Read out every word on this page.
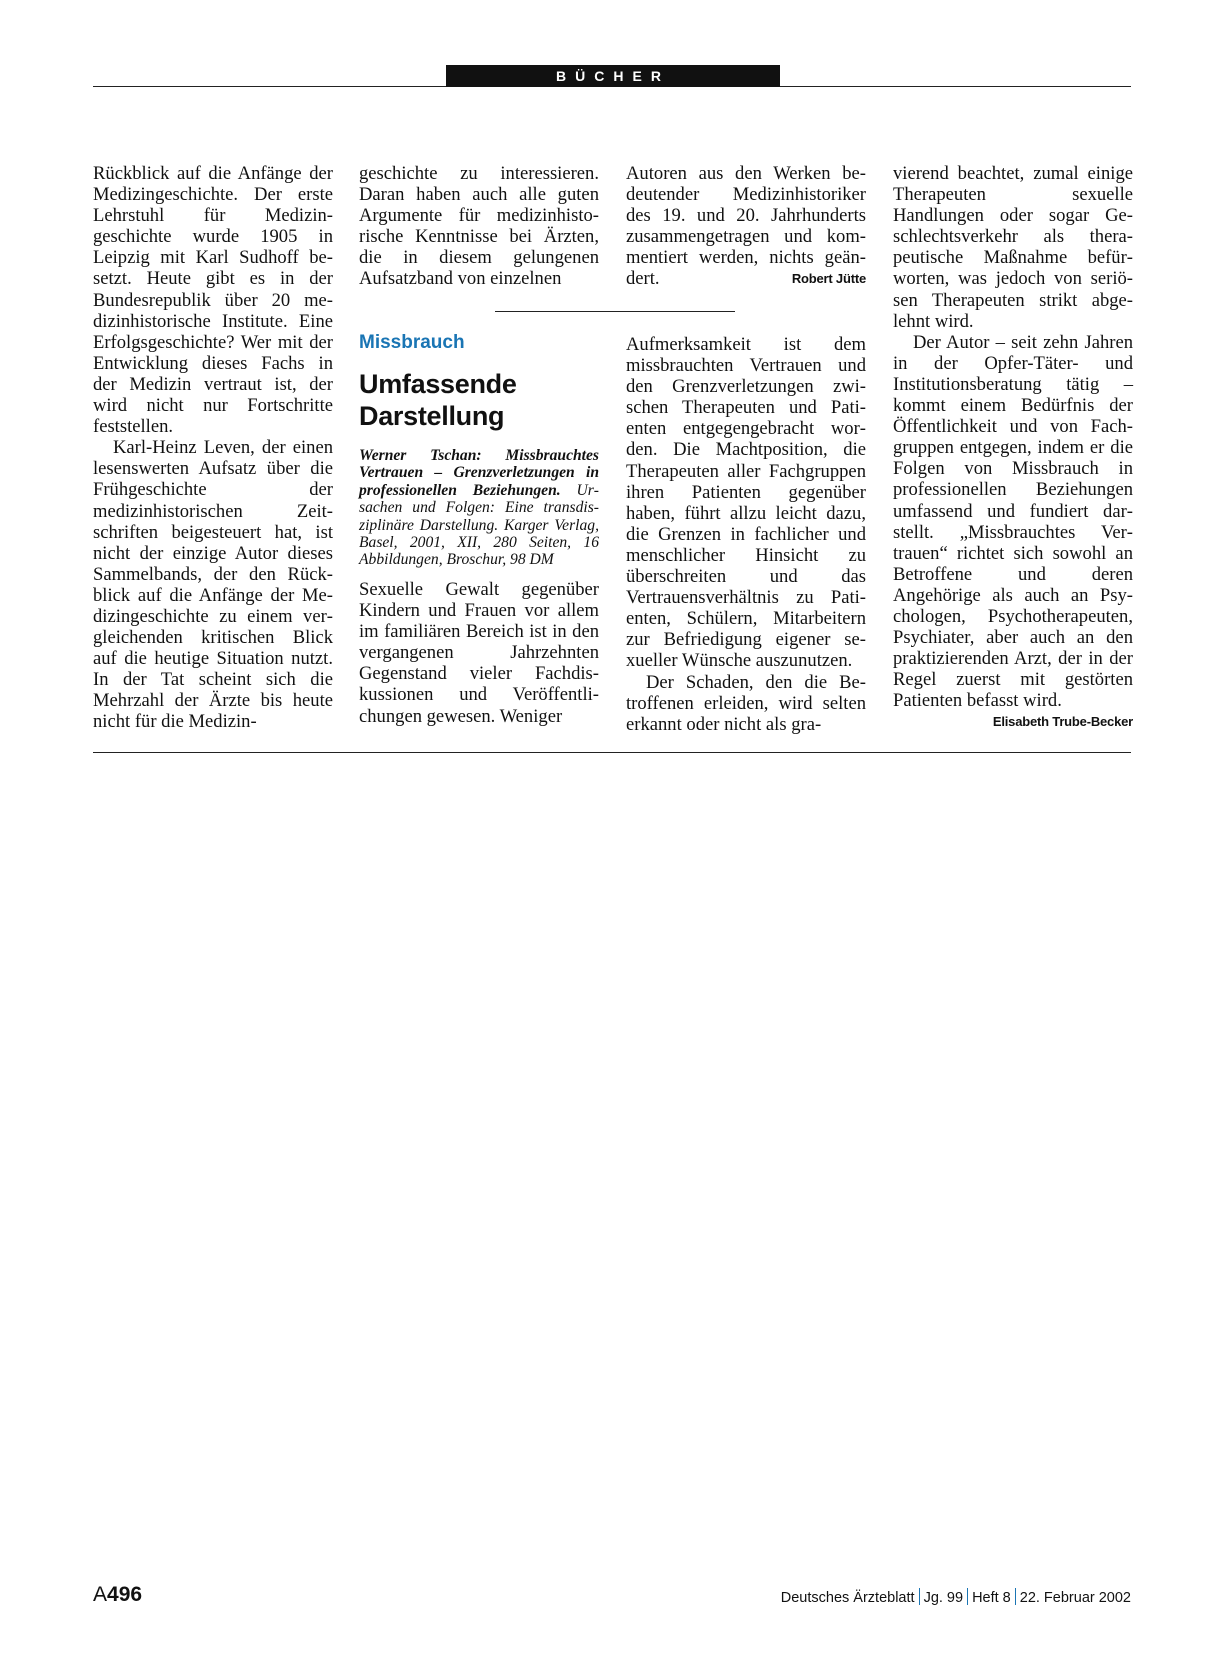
BÜCHER

Rückblick auf die Anfänge der Medizingeschichte. Der erste Lehrstuhl für Medizingeschichte wurde 1905 in Leipzig mit Karl Sudhoff besetzt. Heute gibt es in der Bundesrepublik über 20 medizinhistorische Institute. Eine Erfolgsgeschichte? Wer mit der Entwicklung dieses Fachs in der Medizin vertraut ist, der wird nicht nur Fortschritte feststellen.

Karl-Heinz Leven, der einen lesenswerten Aufsatz über die Frühgeschichte der medizinhistorischen Zeitschriften beigesteuert hat, ist nicht der einzige Autor dieses Sammelbands, der den Rückblick auf die Anfänge der Medizingeschichte zu einem vergleichenden kritischen Blick auf die heutige Situation nutzt. In der Tat scheint sich die Mehrzahl der Ärzte bis heute nicht für die Medizin-

geschichte zu interessieren. Daran haben auch alle guten Argumente für medizinhistorische Kenntnisse bei Ärzten, die in diesem gelungenen Aufsatzband von einzelnen

Missbrauch
Umfassende Darstellung
Werner Tschan: Missbrauchtes Vertrauen – Grenzverletzungen in professionellen Beziehungen. Ursachen und Folgen: Eine transdisziplinäre Darstellung. Karger Verlag, Basel, 2001, XII, 280 Seiten, 16 Abbildungen, Broschur, 98 DM

Sexuelle Gewalt gegenüber Kindern und Frauen vor allem im familiären Bereich ist in den vergangenen Jahrzehnten Gegenstand vieler Fachdiskussionen und Veröffentlichungen gewesen. Weniger

Autoren aus den Werken bedeutender Medizinhistoriker des 19. und 20. Jahrhunderts zusammengetragen und kommentiert werden, nichts geändert.	Robert Jütte

Aufmerksamkeit ist dem missbrauchten Vertrauen und den Grenzverletzungen zwischen Therapeuten und Patienten entgegengebracht worden. Die Machtposition, die Therapeuten aller Fachgruppen ihren Patienten gegenüber haben, führt allzu leicht dazu, die Grenzen in fachlicher und menschlicher Hinsicht zu überschreiten und das Vertrauensverhältnis zu Patienten, Schülern, Mitarbeitern zur Befriedigung eigener sexueller Wünsche auszunutzen.

Der Schaden, den die Betroffenen erleiden, wird selten erkannt oder nicht als gra-

vierend beachtet, zumal einige Therapeuten sexuelle Handlungen oder sogar Geschlechtsverkehr als therapeutische Maßnahme befürworten, was jedoch von seriösen Therapeuten strikt abgelehnt wird.

Der Autor – seit zehn Jahren in der Opfer-Täter- und Institutionsberatung tätig – kommt einem Bedürfnis der Öffentlichkeit und von Fachgruppen entgegen, indem er die Folgen von Missbrauch in professionellen Beziehungen umfassend und fundiert darstellt. „Missbrauchtes Vertrauen“ richtet sich sowohl an Betroffene und deren Angehörige als auch an Psychologen, Psychotherapeuten, Psychiater, aber auch an den praktizierenden Arzt, der in der Regel zuerst mit gestörten Patienten befasst wird.
Elisabeth Trube-Becker

A496	Deutsches Ärzteblatt Jg. 99 Heft 8 22. Februar 2002
